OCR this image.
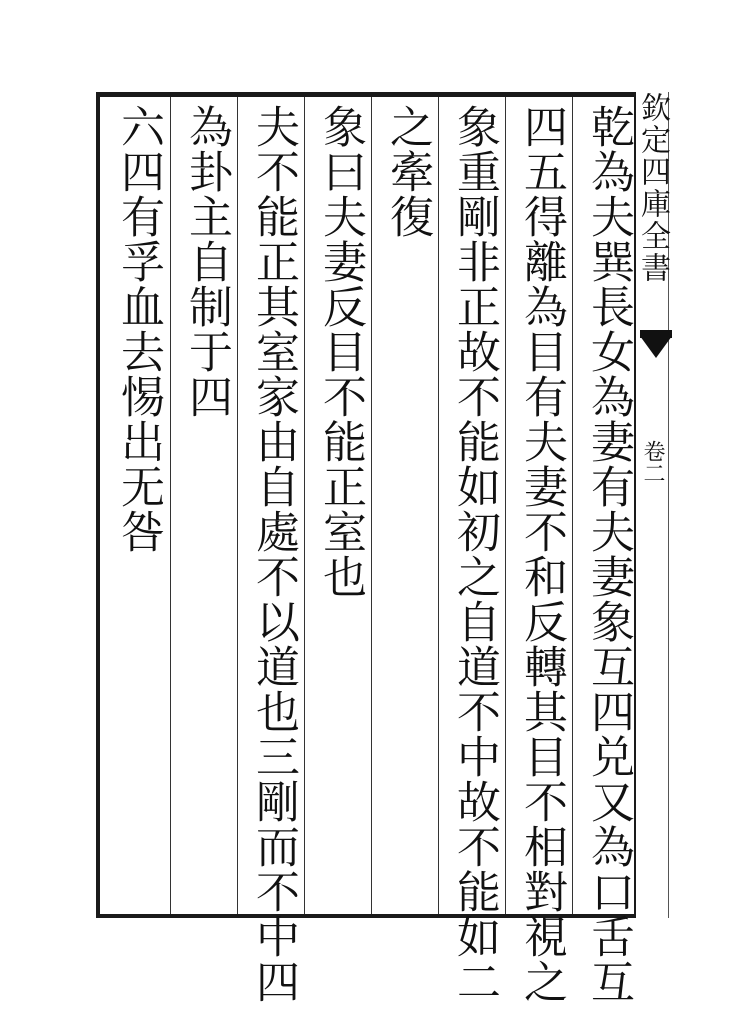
乾為夫巽長女為妻有夫妻象互四兑又為口舌互
四五得離為目有夫妻不和反轉其目不相對視之
象重剛非正故不能如初之自道不中故不能如二
之牽復
象曰夫妻反目不能正室也
夫不能正其室家由自處不以道也三剛而不中四
為卦主自制于四
六四有孚血去惕出无咎	欽定四庫全書
卷二
